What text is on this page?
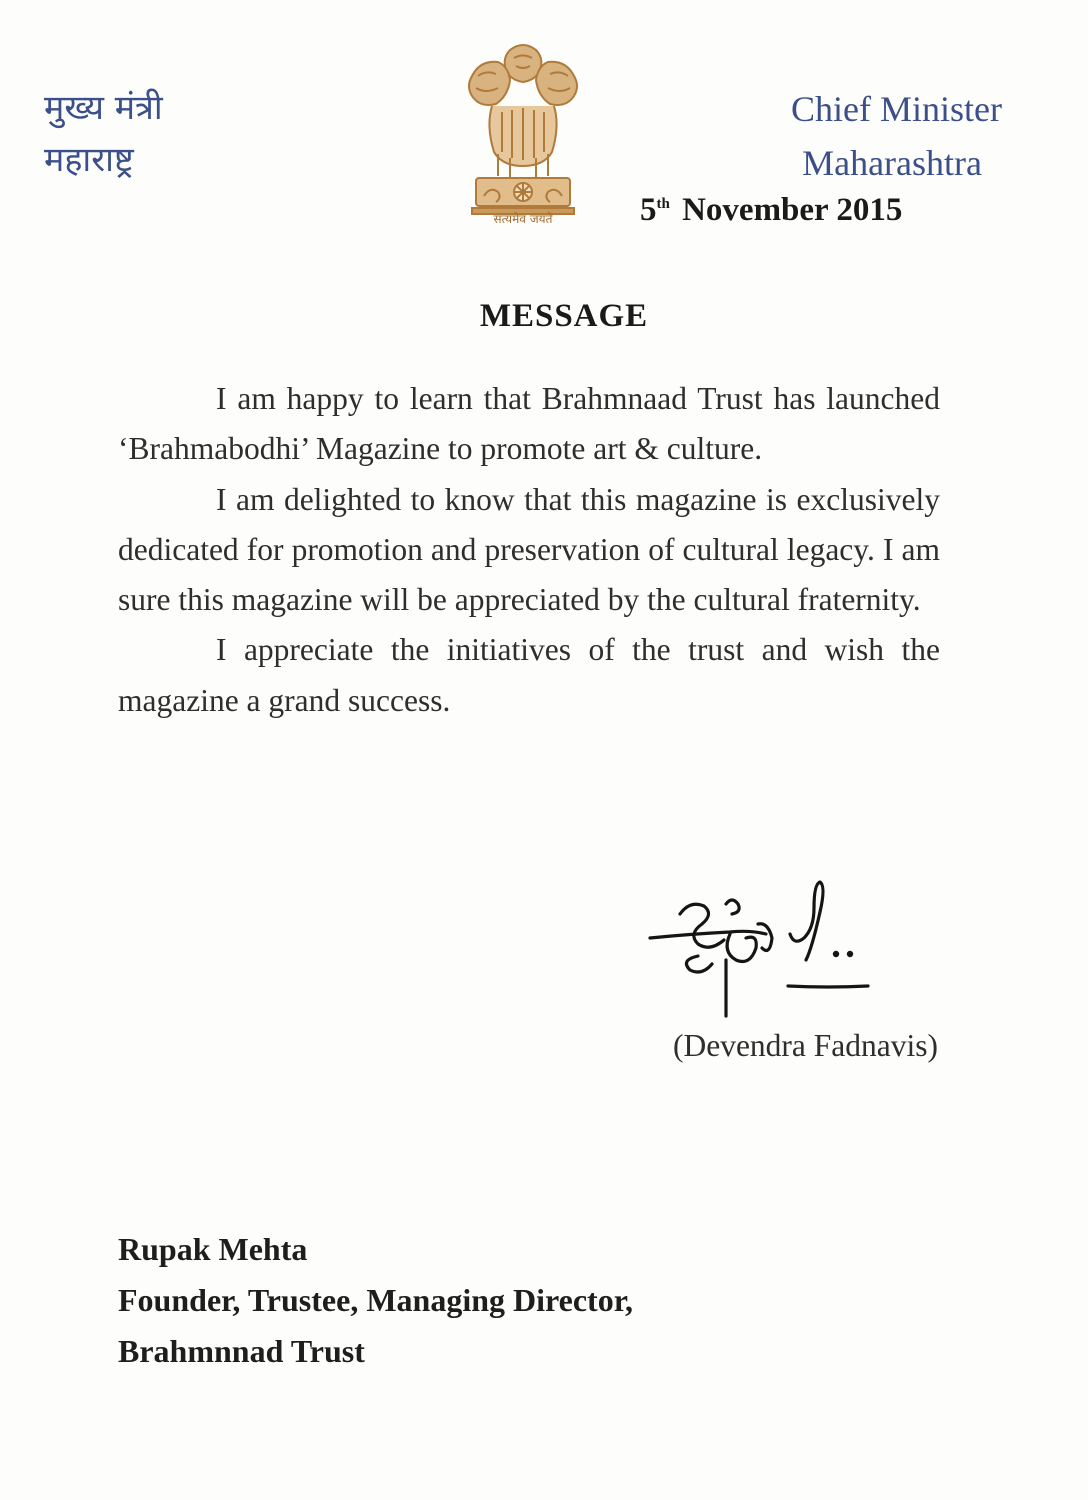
मुख्य मंत्री
महाराष्ट्र
सत्यमेव जयते
Chief Minister
Maharashtra
5th November 2015
MESSAGE

I am happy to learn that Brahmnaad Trust has launched ‘Brahmabodhi’ Magazine to promote art & culture.

I am delighted to know that this magazine is exclusively dedicated for promotion and preservation of cultural legacy. I am sure this magazine will be appreciated by the cultural fraternity.

I appreciate the initiatives of the trust and wish the magazine a grand success.

(Devendra Fadnavis)
Rupak Mehta
Founder, Trustee, Managing Director,
Brahmnnad Trust
